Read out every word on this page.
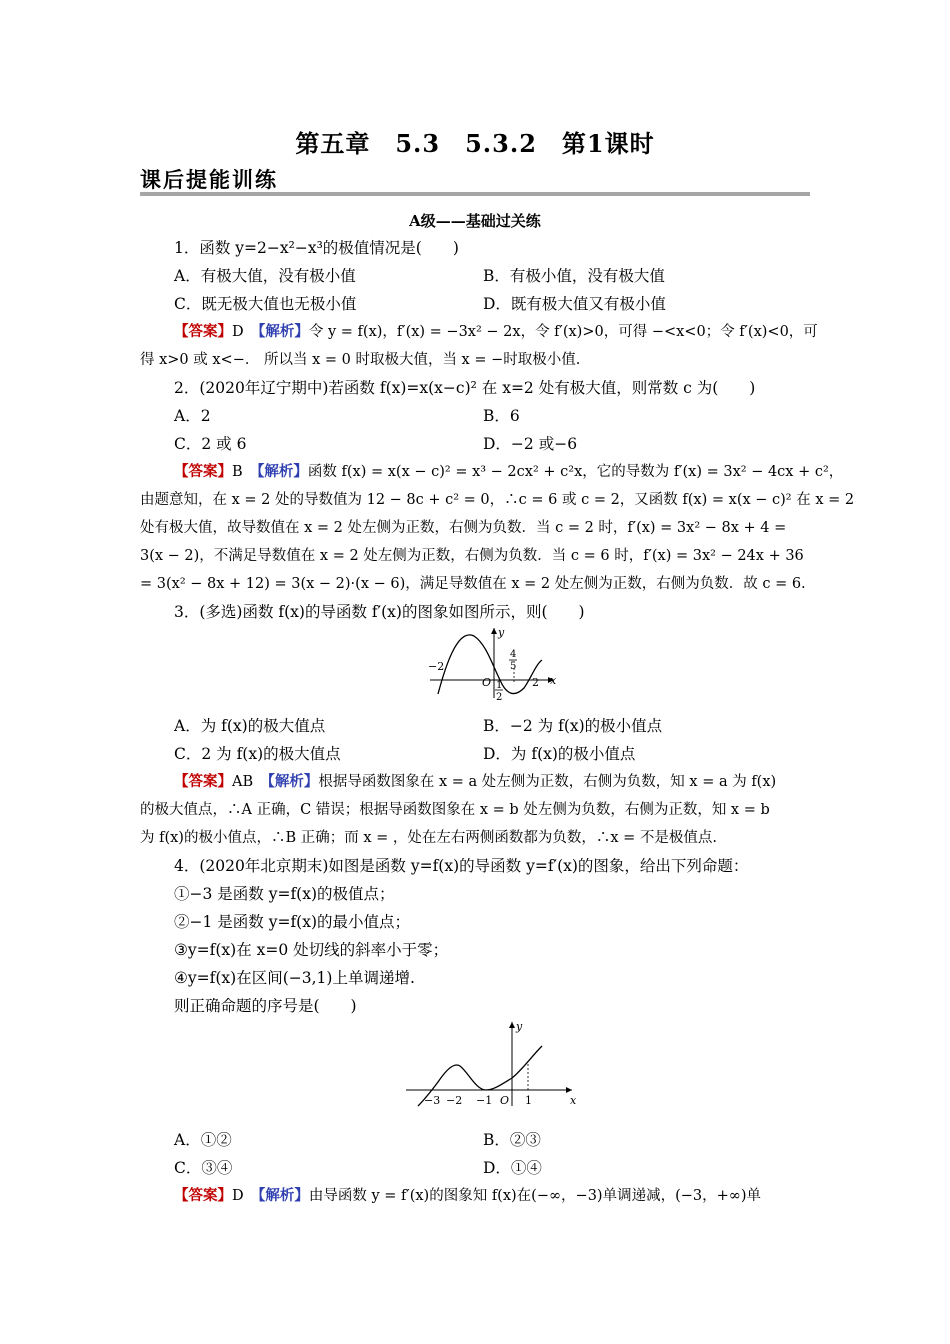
第五章　5.3　5.3.2　第1课时
课后提能训练
A级——基础过关练
1．函数 y=2−x²−x³的极值情况是(　　)
A．有极大值，没有极小值	B．有极小值，没有极大值
C．既无极大值也无极小值	D．既有极大值又有极小值
【答案】D　 【解析】令 y = f(x)，f′(x) = −3x² − 2x，令 f′(x)>0，可得 −<x<0；令 f′(x)<0，可
得 x>0 或 x<−． 所以当 x = 0 时取极大值，当 x = −时取极小值.
2．(2020年辽宁期中)若函数 f(x)=x(x−c)² 在 x=2 处有极大值，则常数 c 为(　　)
A．2	B．6
C．2 或 6	D．−2 或−6
【答案】B　 【解析】函数 f(x) = x(x − c)² = x³ − 2cx² + c²x，它的导数为 f′(x) = 3x² − 4cx + c²，
由题意知，在 x = 2 处的导数值为 12 − 8c + c² = 0，∴c = 6 或 c = 2，又函数 f(x) = x(x − c)² 在 x = 2
处有极大值，故导数值在 x = 2 处左侧为正数，右侧为负数．当 c = 2 时，f′(x) = 3x² − 8x + 4 =
3(x − 2)，不满足导数值在 x = 2 处左侧为正数，右侧为负数．当 c = 6 时，f′(x) = 3x² − 24x + 36
= 3(x² − 8x + 12) = 3(x − 2)·(x − 6)，满足导数值在 x = 2 处左侧为正数，右侧为负数．故 c = 6.
3．(多选)函数 f(x)的导函数 f′(x)的图象如图所示，则(　　)
y
x
−2
O
4
5
1
2
2
A．为 f(x)的极大值点	B．−2 为 f(x)的极小值点
C．2 为 f(x)的极大值点	D．为 f(x)的极小值点
【答案】AB　 【解析】根据导函数图象在 x = a 处左侧为正数，右侧为负数，知 x = a 为 f(x)
的极大值点，∴A 正确，C 错误；根据导函数图象在 x = b 处左侧为负数，右侧为正数，知 x = b
为 f(x)的极小值点，∴B 正确；而 x = ，处在左右两侧函数都为负数，∴x = 不是极值点.
4．(2020年北京期末)如图是函数 y=f(x)的导函数 y=f′(x)的图象，给出下列命题：
①−3 是函数 y=f(x)的极值点；
②−1 是函数 y=f(x)的最小值点；
③y=f(x)在 x=0 处切线的斜率小于零；
④y=f(x)在区间(−3,1)上单调递增.
则正确命题的序号是(　　)
y
x
−3 −2 −1 O 1
A．①②	B．②③
C．③④	D．①④
【答案】D　 【解析】由导函数 y = f′(x)的图象知 f(x)在(−∞，−3)单调递减，(−3，+∞)单
